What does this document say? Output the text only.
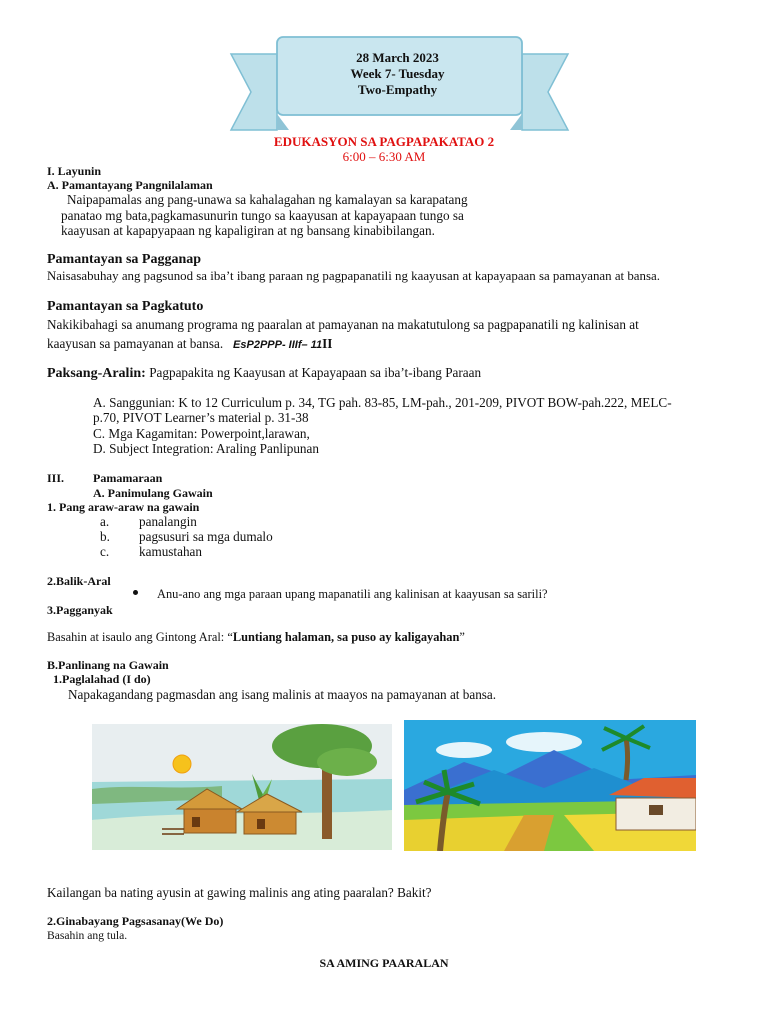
28 March 2023
Week 7- Tuesday
Two-Empathy
EDUKASYON SA PAGPAPAKATAO 2
6:00 – 6:30 AM
I. Layunin
A. Pamantayang Pangnilalaman
Naipapamalas ang pang-unawa sa kahalagahan ng kamalayan sa karapatang
panatao mg bata,pagkamasunurin tungo sa kaayusan at kapayapaan tungo sa
kaayusan at kapapyapaan ng kapaligiran at ng bansang kinabibilangan.
Pamantayan sa Pagganap
Naisasabuhay ang pagsunod sa iba’t ibang paraan ng pagpapanatili ng kaayusan at kapayapaan sa pamayanan at bansa.
Pamantayan sa Pagkatuto
Nakikibahagi sa anumang programa ng paaralan at pamayanan na makatutulong sa pagpapanatili ng kalinisan at
kaayusan sa pamayanan at bansa. EsP2PPP- IIIf– 11II
Paksang-Aralin: Pagpapakita ng Kaayusan at Kapayapaan sa iba’t-ibang Paraan
A. Sanggunian: K to 12 Curriculum p. 34, TG pah. 83-85, LM-pah., 201-209, PIVOT BOW-pah.222, MELC-
p.70, PIVOT Learner’s material p. 31-38
C. Mga Kagamitan: Powerpoint,larawan,
D. Subject Integration: Araling Panlipunan
III. Pamamaraan
A. Panimulang Gawain
1. Pang araw-araw na gawain
a. panalangin
b. pagsusuri sa mga dumalo
c. kamustahan
2.Balik-Aral
Anu-ano ang mga paraan upang mapanatili ang kalinisan at kaayusan sa sarili?
3.Pagganyak
Basahin at isaulo ang Gintong Aral: “Luntiang halaman, sa puso ay kaligayahan”
B.Panlinang na Gawain
1.Paglalahad (I do)
Napakagandang pagmasdan ang isang malinis at maayos na pamayanan at bansa.
Kailangan ba nating ayusin at gawing malinis ang ating paaralan? Bakit?
2.Ginabayang Pagsasanay(We Do)
Basahin ang tula.
SA AMING PAARALAN
